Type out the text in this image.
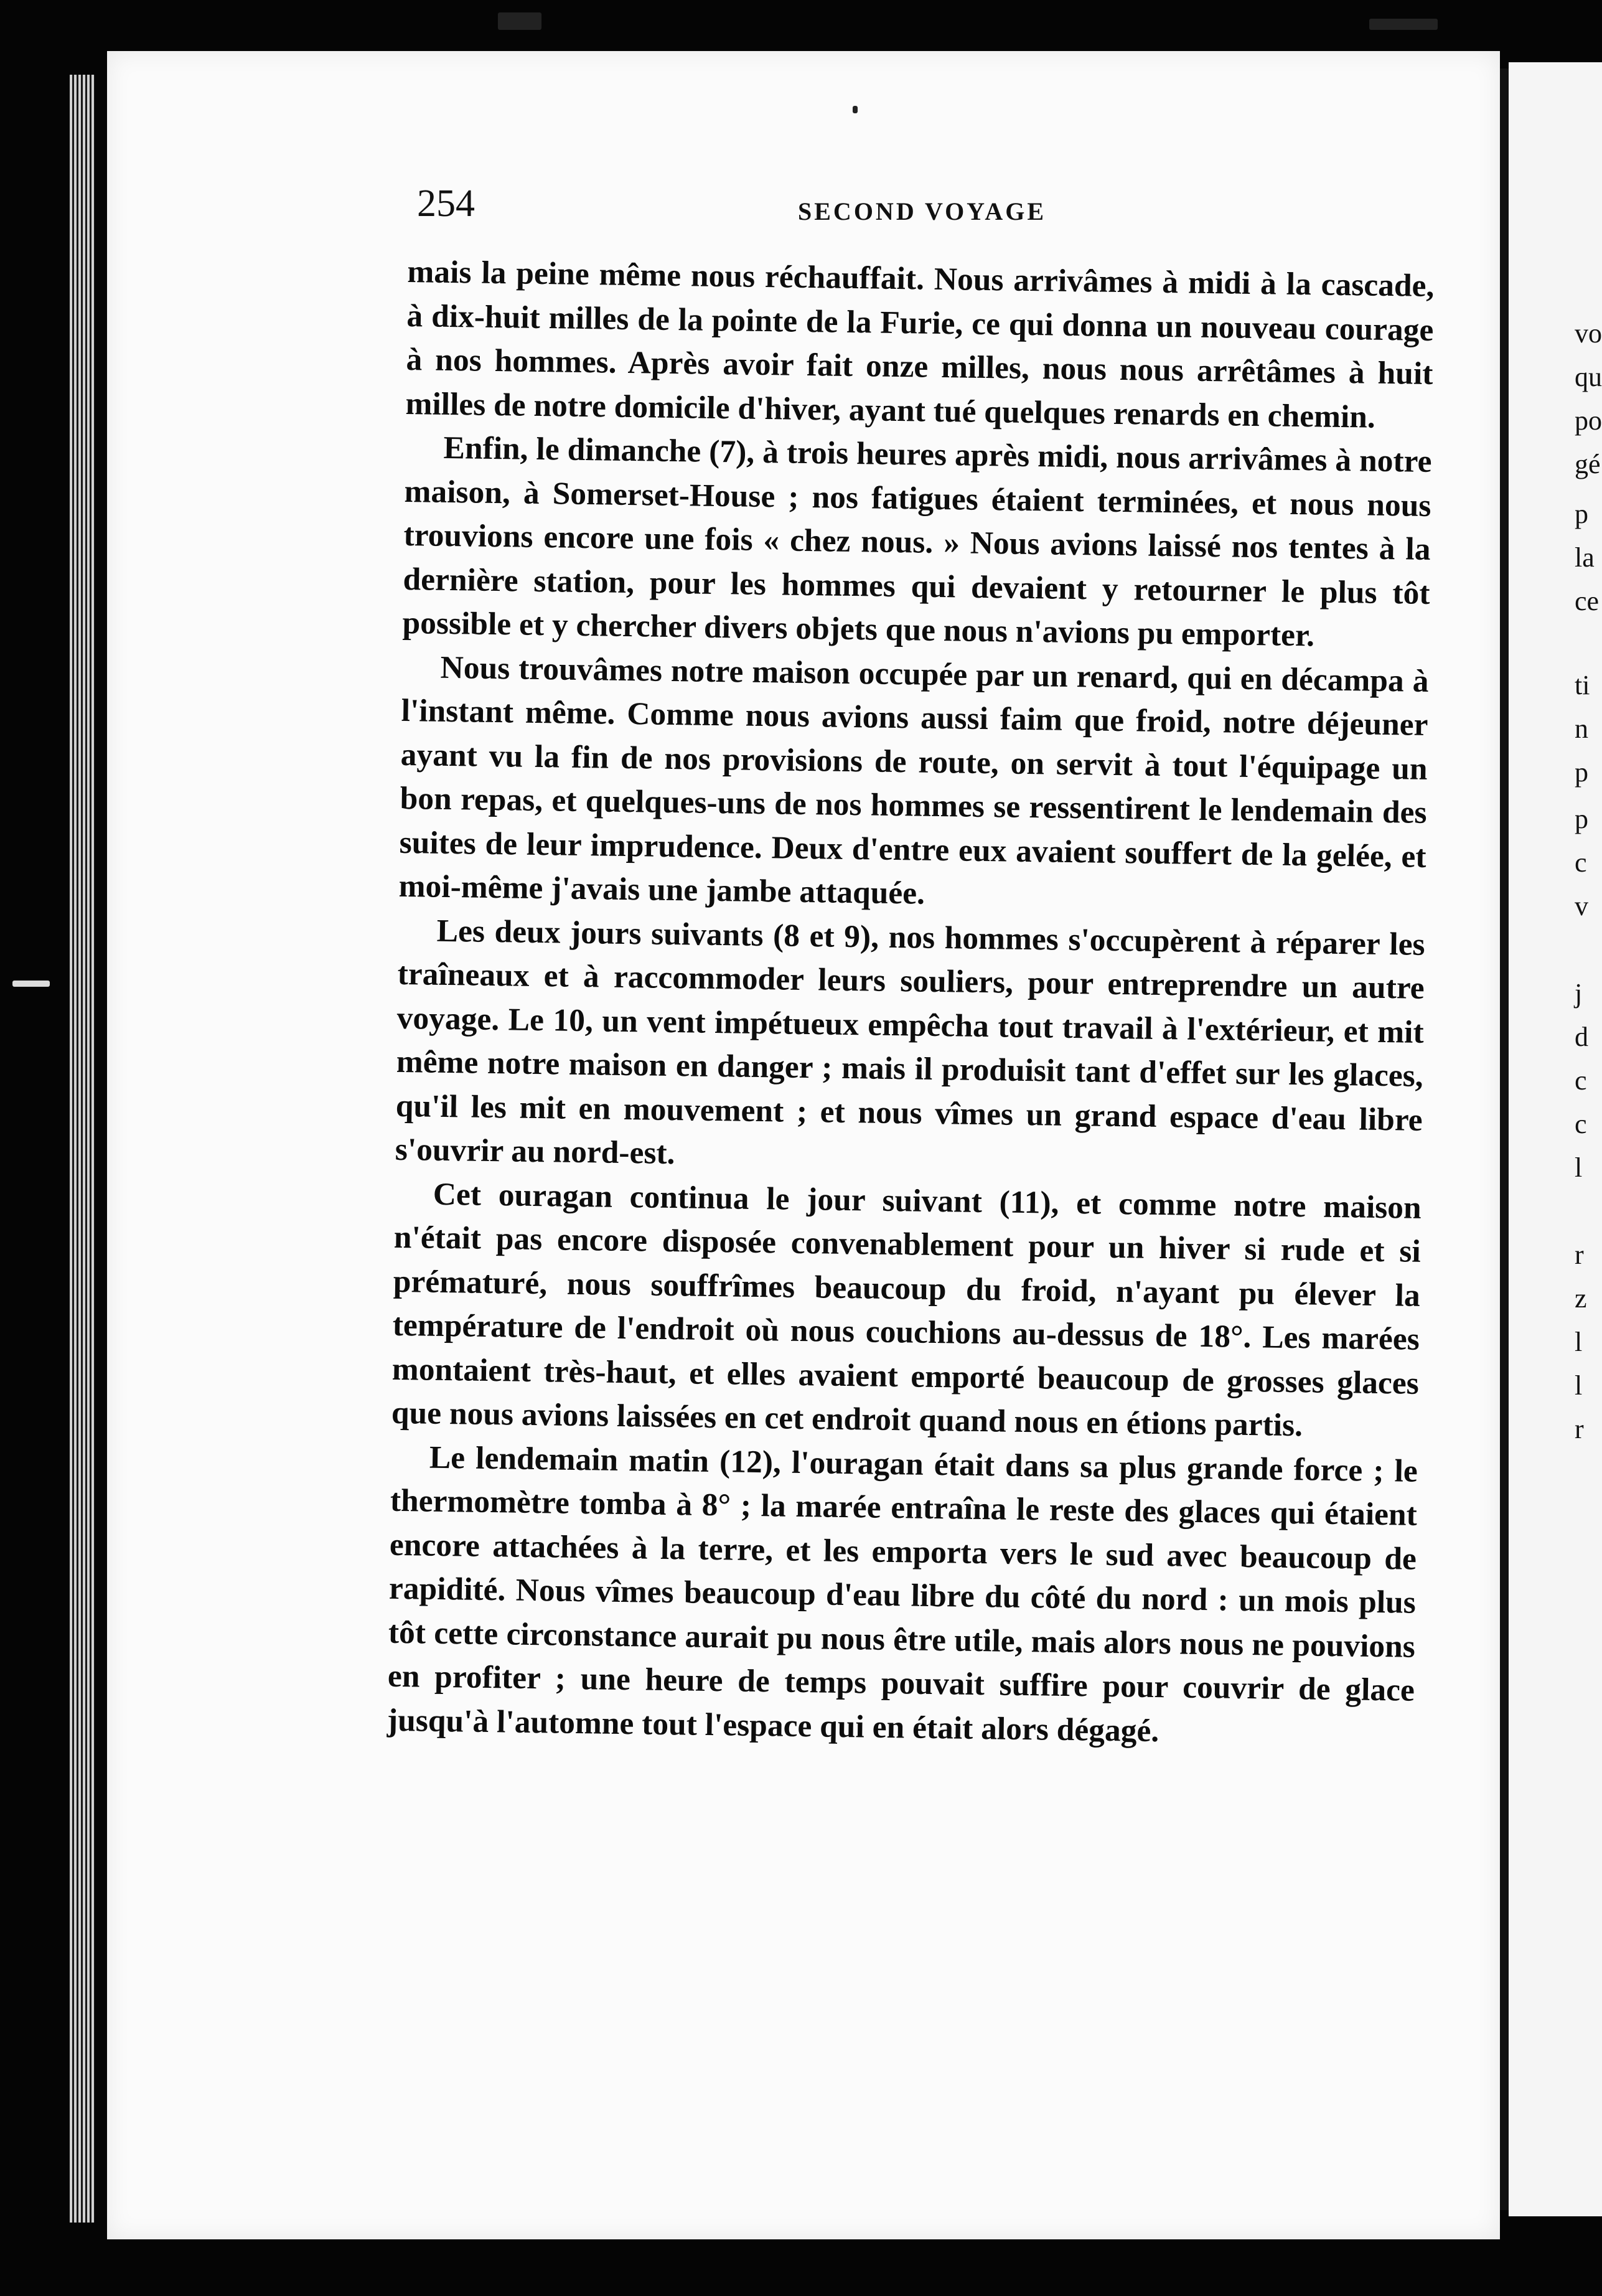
vo
qu
po
gé
p
la
ce
ti
n
p
p
c
v
j
d
c
c
l
r
z
l
l
r
254	SECOND VOYAGE

mais la peine même nous réchauffait. Nous arrivâmes à midi à la cascade, à dix-huit milles de la pointe de la Furie, ce qui donna un nouveau courage à nos hommes. Après avoir fait onze milles, nous nous arrêtâmes à huit milles de notre domicile d'hiver, ayant tué quelques renards en chemin.

Enfin, le dimanche (7), à trois heures après midi, nous arrivâmes à notre maison, à Somerset-House ; nos fatigues étaient terminées, et nous nous trouvions encore une fois « chez nous. » Nous avions laissé nos tentes à la dernière station, pour les hommes qui devaient y retourner le plus tôt possible et y chercher divers objets que nous n'avions pu emporter.

Nous trouvâmes notre maison occupée par un renard, qui en décampa à l'instant même. Comme nous avions aussi faim que froid, notre déjeuner ayant vu la fin de nos provisions de route, on servit à tout l'équipage un bon repas, et quelques-uns de nos hommes se ressentirent le lendemain des suites de leur imprudence. Deux d'entre eux avaient souffert de la gelée, et moi-même j'avais une jambe attaquée.

Les deux jours suivants (8 et 9), nos hommes s'occupèrent à réparer les traîneaux et à raccommoder leurs souliers, pour entreprendre un autre voyage. Le 10, un vent impétueux empêcha tout travail à l'extérieur, et mit même notre maison en danger ; mais il produisit tant d'effet sur les glaces, qu'il les mit en mouvement ; et nous vîmes un grand espace d'eau libre s'ouvrir au nord-est.

Cet ouragan continua le jour suivant (11), et comme notre maison n'était pas encore disposée convenablement pour un hiver si rude et si prématuré, nous souffrîmes beaucoup du froid, n'ayant pu élever la température de l'endroit où nous couchions au-dessus de 18°. Les marées montaient très-haut, et elles avaient emporté beaucoup de grosses glaces que nous avions laissées en cet endroit quand nous en étions partis.

Le lendemain matin (12), l'ouragan était dans sa plus grande force ; le thermomètre tomba à 8° ; la marée entraîna le reste des glaces qui étaient encore attachées à la terre, et les emporta vers le sud avec beaucoup de rapidité. Nous vîmes beaucoup d'eau libre du côté du nord : un mois plus tôt cette circonstance aurait pu nous être utile, mais alors nous ne pouvions en profiter ; une heure de temps pouvait suffire pour couvrir de glace jusqu'à l'automne tout l'espace qui en était alors dégagé.
